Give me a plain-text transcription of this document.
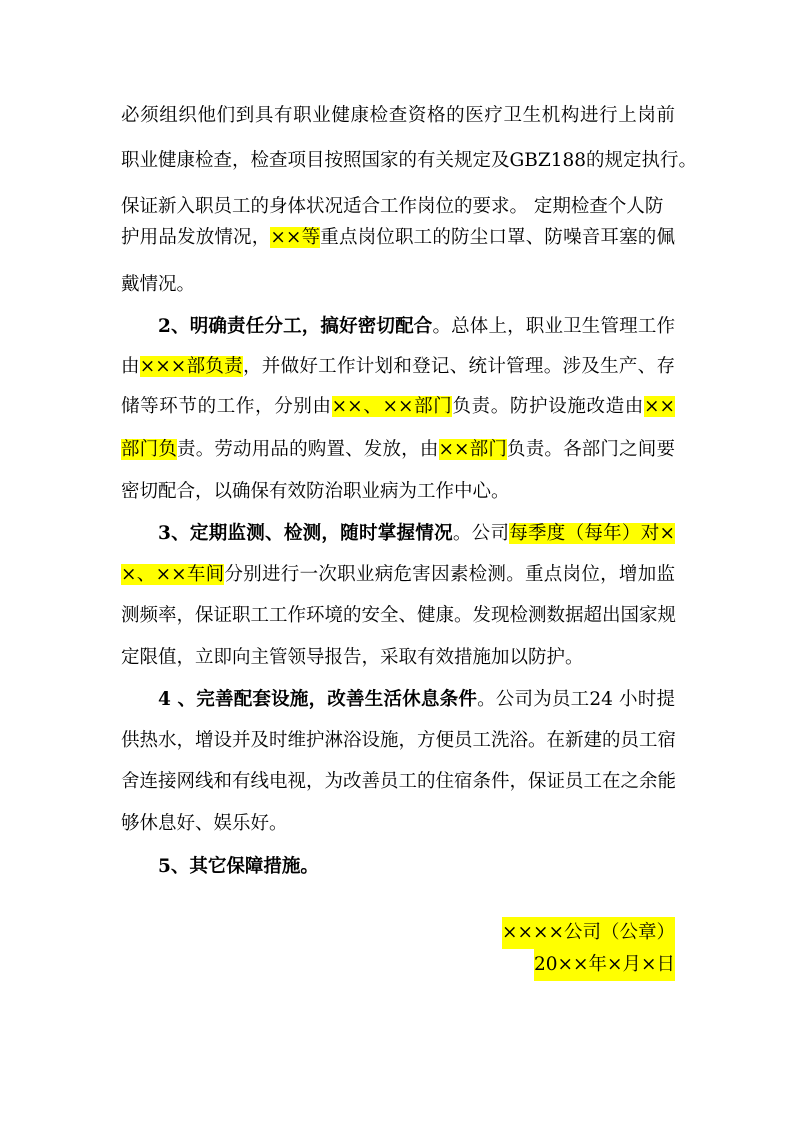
必须组织他们到具有职业健康检查资格的医疗卫生机构进行上岗前
职业健康检查，检查项目按照国家的有关规定及GBZ188的规定执行。
保证新入职员工的身体状况适合工作岗位的要求。 定期检查个人防
护用品发放情况，××等重点岗位职工的防尘口罩、防噪音耳塞的佩
戴情况。
2、明确责任分工，搞好密切配合。总体上，职业卫生管理工作
由×××部负责，并做好工作计划和登记、统计管理。涉及生产、存
储等环节的工作，分别由××、××部门负责。防护设施改造由××
部门负责。劳动用品的购置、发放，由××部门负责。各部门之间要
密切配合，以确保有效防治职业病为工作中心。
3、定期监测、检测，随时掌握情况。公司每季度（每年）对×
×、××车间分别进行一次职业病危害因素检测。重点岗位，增加监
测频率，保证职工工作环境的安全、健康。发现检测数据超出国家规
定限值，立即向主管领导报告，采取有效措施加以防护。
4 、完善配套设施，改善生活休息条件。公司为员工24 小时提
供热水，增设并及时维护淋浴设施，方便员工洗浴。在新建的员工宿
舍连接网线和有线电视，为改善员工的住宿条件，保证员工在之余能
够休息好、娱乐好。
5、其它保障措施。
××××公司（公章）
20××年×月×日
